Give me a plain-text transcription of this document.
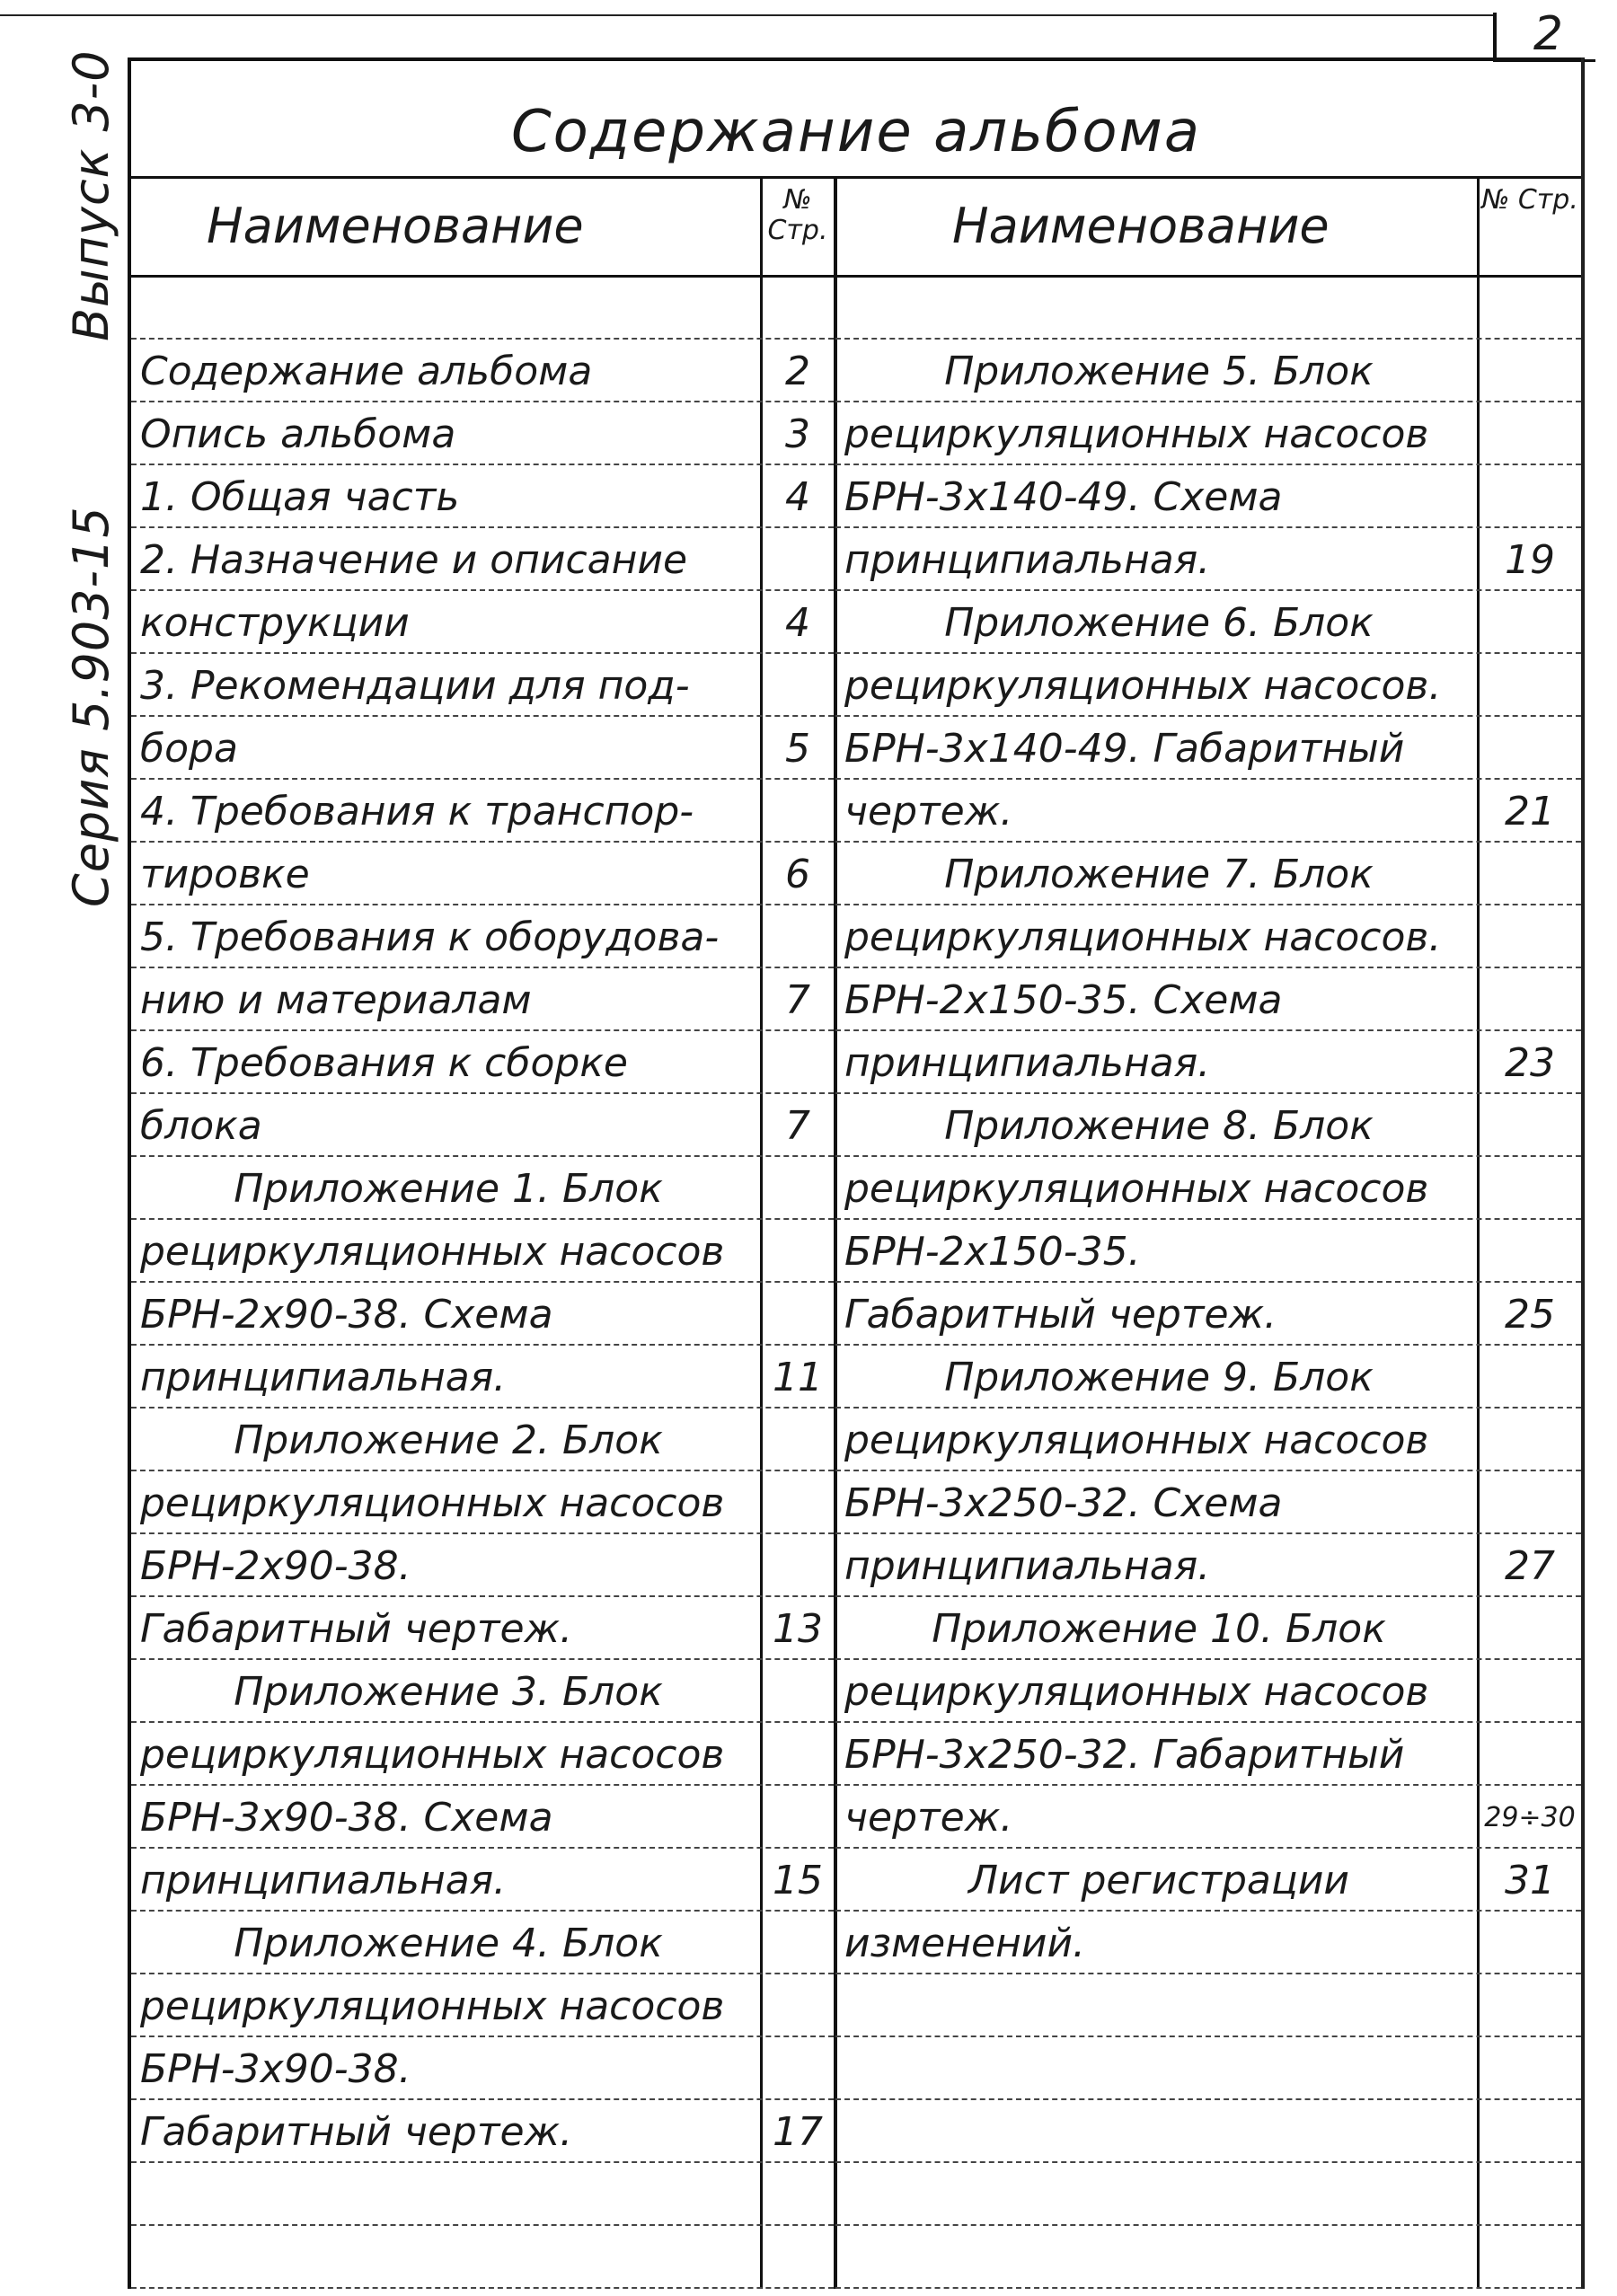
2
Выпуск 3-0
Серия 5.903-15
Содержание альбома
Наименование	№ Стр.	Наименование	№ Стр.
Содержание альбома	2
Опись альбома	3
1. Общая часть	4
2. Назначение и описание
конструкции	4
3. Рекомендации для под-
бора	5
4. Требования к транспор-
тировке	6
5. Требования к оборудова-
нию и материалам	7
6. Требования к сборке
блока	7
Приложение 1. Блок
рециркуляционных насосов
БРН-2х90-38. Схема
принципиальная.	11
Приложение 2. Блок
рециркуляционных насосов
БРН-2х90-38.
Габаритный чертеж.	13
Приложение 3. Блок
рециркуляционных насосов
БРН-3х90-38. Схема
принципиальная.	15
Приложение 4. Блок
рециркуляционных насосов
БРН-3х90-38.
Габаритный чертеж.	17
Приложение 5. Блок
рециркуляционных насосов
БРН-3х140-49. Схема
принципиальная.	19
Приложение 6. Блок
рециркуляционных насосов.
БРН-3х140-49. Габаритный
чертеж.	21
Приложение 7. Блок
рециркуляционных насосов.
БРН-2х150-35. Схема
принципиальная.	23
Приложение 8. Блок
рециркуляционных насосов
БРН-2х150-35.
Габаритный чертеж.	25
Приложение 9. Блок
рециркуляционных насосов
БРН-3х250-32. Схема
принципиальная.	27
Приложение 10. Блок
рециркуляционных насосов
БРН-3х250-32. Габаритный
чертеж.	29÷30
Лист регистрации	31
изменений.
